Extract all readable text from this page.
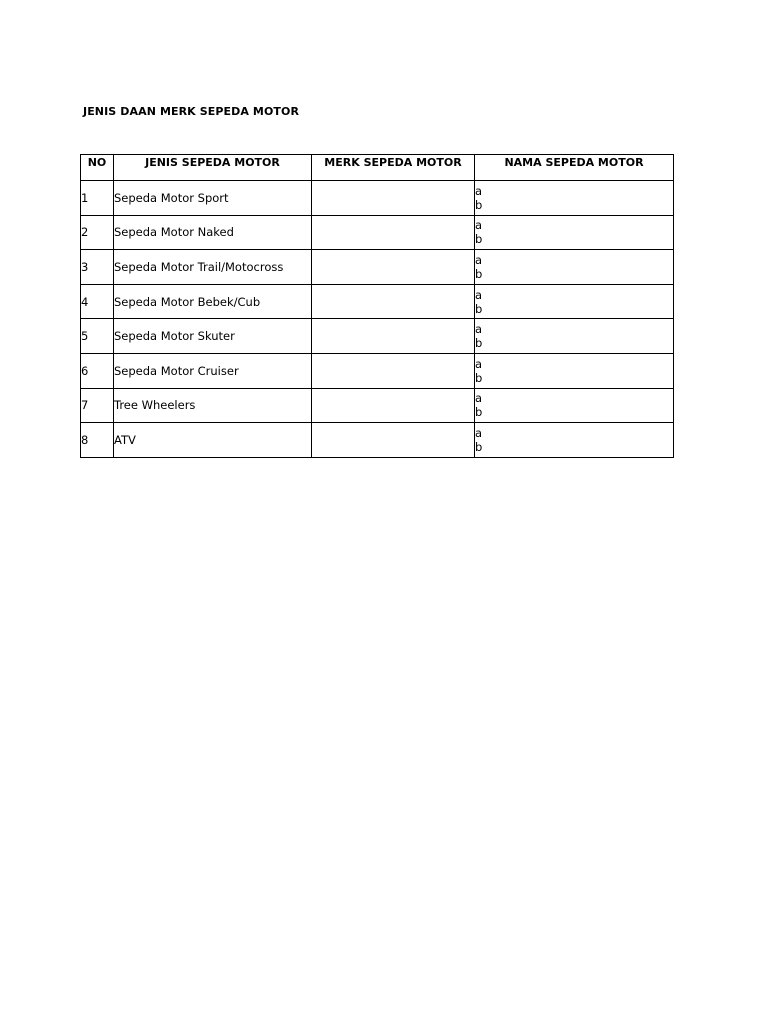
JENIS DAAN MERK SEPEDA MOTOR
NO	JENIS SEPEDA MOTOR	MERK SEPEDA MOTOR	NAMA SEPEDA MOTOR
1	Sepeda Motor Sport		a
b

2	Sepeda Motor Naked		a
b

3	Sepeda Motor Trail/Motocross		a
b

4	Sepeda Motor Bebek/Cub		a
b

5	Sepeda Motor Skuter		a
b

6	Sepeda Motor Cruiser		a
b

7	Tree Wheelers		a
b

8	ATV		a
b
